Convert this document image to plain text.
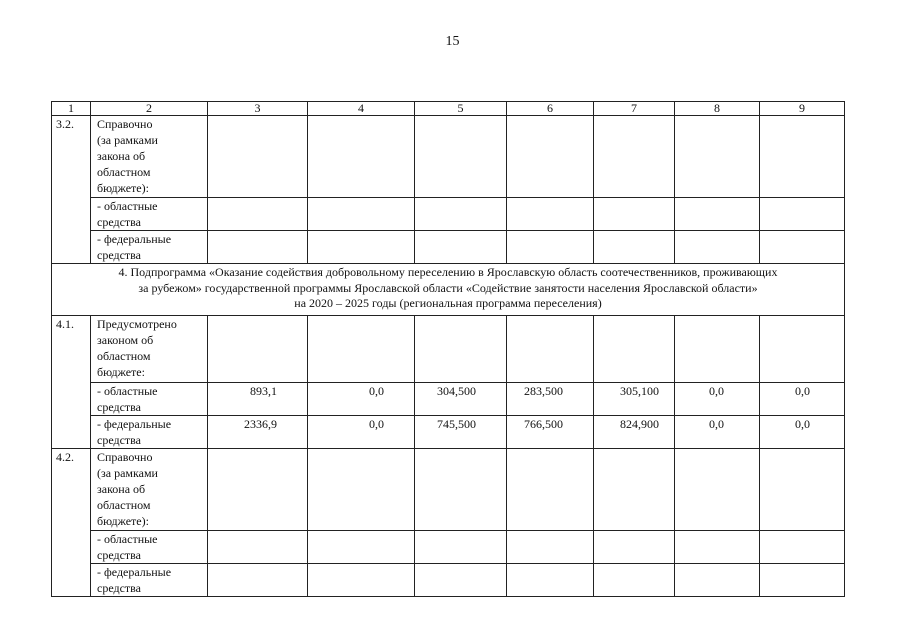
15
1	2	3	4	5	6	7	8	9
3.2.	Справочно
(за рамками
закона об
областном
бюджете):							

	- областные
средства							

	- федеральные
средства							

4. Подпрограмма «Оказание содействия добровольному переселению в Ярославскую область соотечественников, проживающих
за рубежом» государственной программы Ярославской области «Содействие занятости населения Ярославской области»
на 2020 – 2025 годы (региональная программа переселения)								

4.1.	Предусмотрено
законом об
областном
бюджете:							

	- областные
средства	893,1	0,0	304,500	283,500	305,100	0,0	0,0

	- федеральные
средства	2336,9	0,0	745,500	766,500	824,900	0,0	0,0
4.2.	Справочно
(за рамками
закона об
областном
бюджете):							

	- областные
средства							

	- федеральные
средства							
